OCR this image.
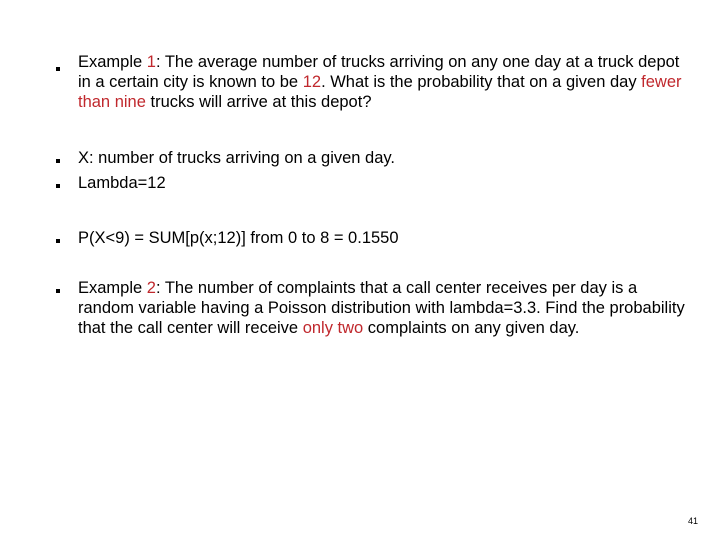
Example 1: The average number of trucks arriving on any one day at a truck depot in a certain city is known to be 12. What is the probability that on a given day fewer than nine trucks will arrive at this depot?
X: number of trucks arriving on a given day.
Lambda=12
P(X<9) = SUM[p(x;12)] from 0 to 8 = 0.1550
Example 2: The number of complaints that a call center receives per day is a random variable having a Poisson distribution with lambda=3.3. Find the probability that the call center will receive only two complaints on any given day.
41
